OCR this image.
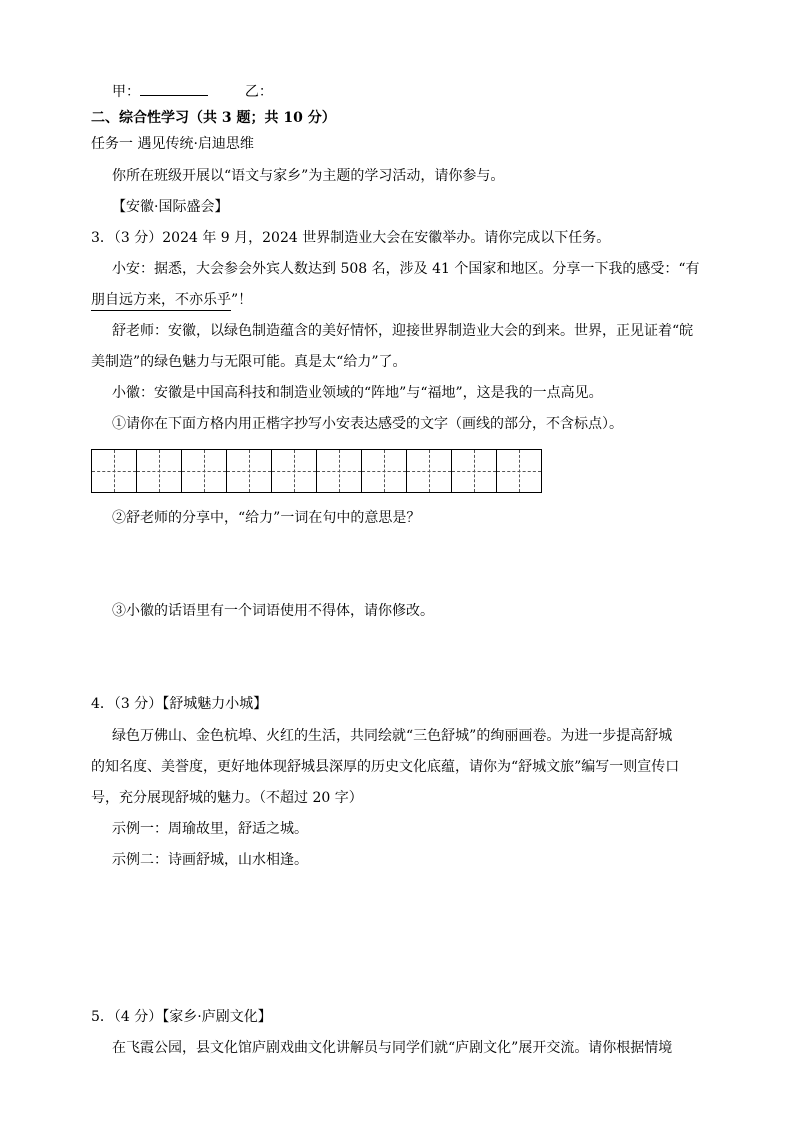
甲：	乙：
二、综合性学习（共 3 题；共 10 分）
任务一 遇见传统·启迪思维
你所在班级开展以“语文与家乡”为主题的学习活动，请你参与。
【安徽·国际盛会】
3．（3 分）2024 年 9 月，2024 世界制造业大会在安徽举办。请你完成以下任务。
小安：据悉，大会参会外宾人数达到 508 名，涉及 41 个国家和地区。分享一下我的感受：“有
朋自远方来，不亦乐乎”！
舒老师：安徽，以绿色制造蕴含的美好情怀，迎接世界制造业大会的到来。世界，正见证着“皖
美制造”的绿色魅力与无限可能。真是太“给力”了。
小徽：安徽是中国高科技和制造业领域的“阵地”与“福地”，这是我的一点高见。
①请你在下面方格内用正楷字抄写小安表达感受的文字（画线的部分，不含标点）。
②舒老师的分享中，“给力”一词在句中的意思是？
③小徽的话语里有一个词语使用不得体，请你修改。
4．（3 分）【舒城魅力小城】
绿色万佛山、金色杭埠、火红的生活，共同绘就“三色舒城”的绚丽画卷。为进一步提高舒城
的知名度、美誉度，更好地体现舒城县深厚的历史文化底蕴，请你为“舒城文旅”编写一则宣传口
号，充分展现舒城的魅力。（不超过 20 字）
示例一：周瑜故里，舒适之城。
示例二：诗画舒城，山水相逢。
5．（4 分）【家乡·庐剧文化】
在飞霞公园，县文化馆庐剧戏曲文化讲解员与同学们就“庐剧文化”展开交流。请你根据情境
